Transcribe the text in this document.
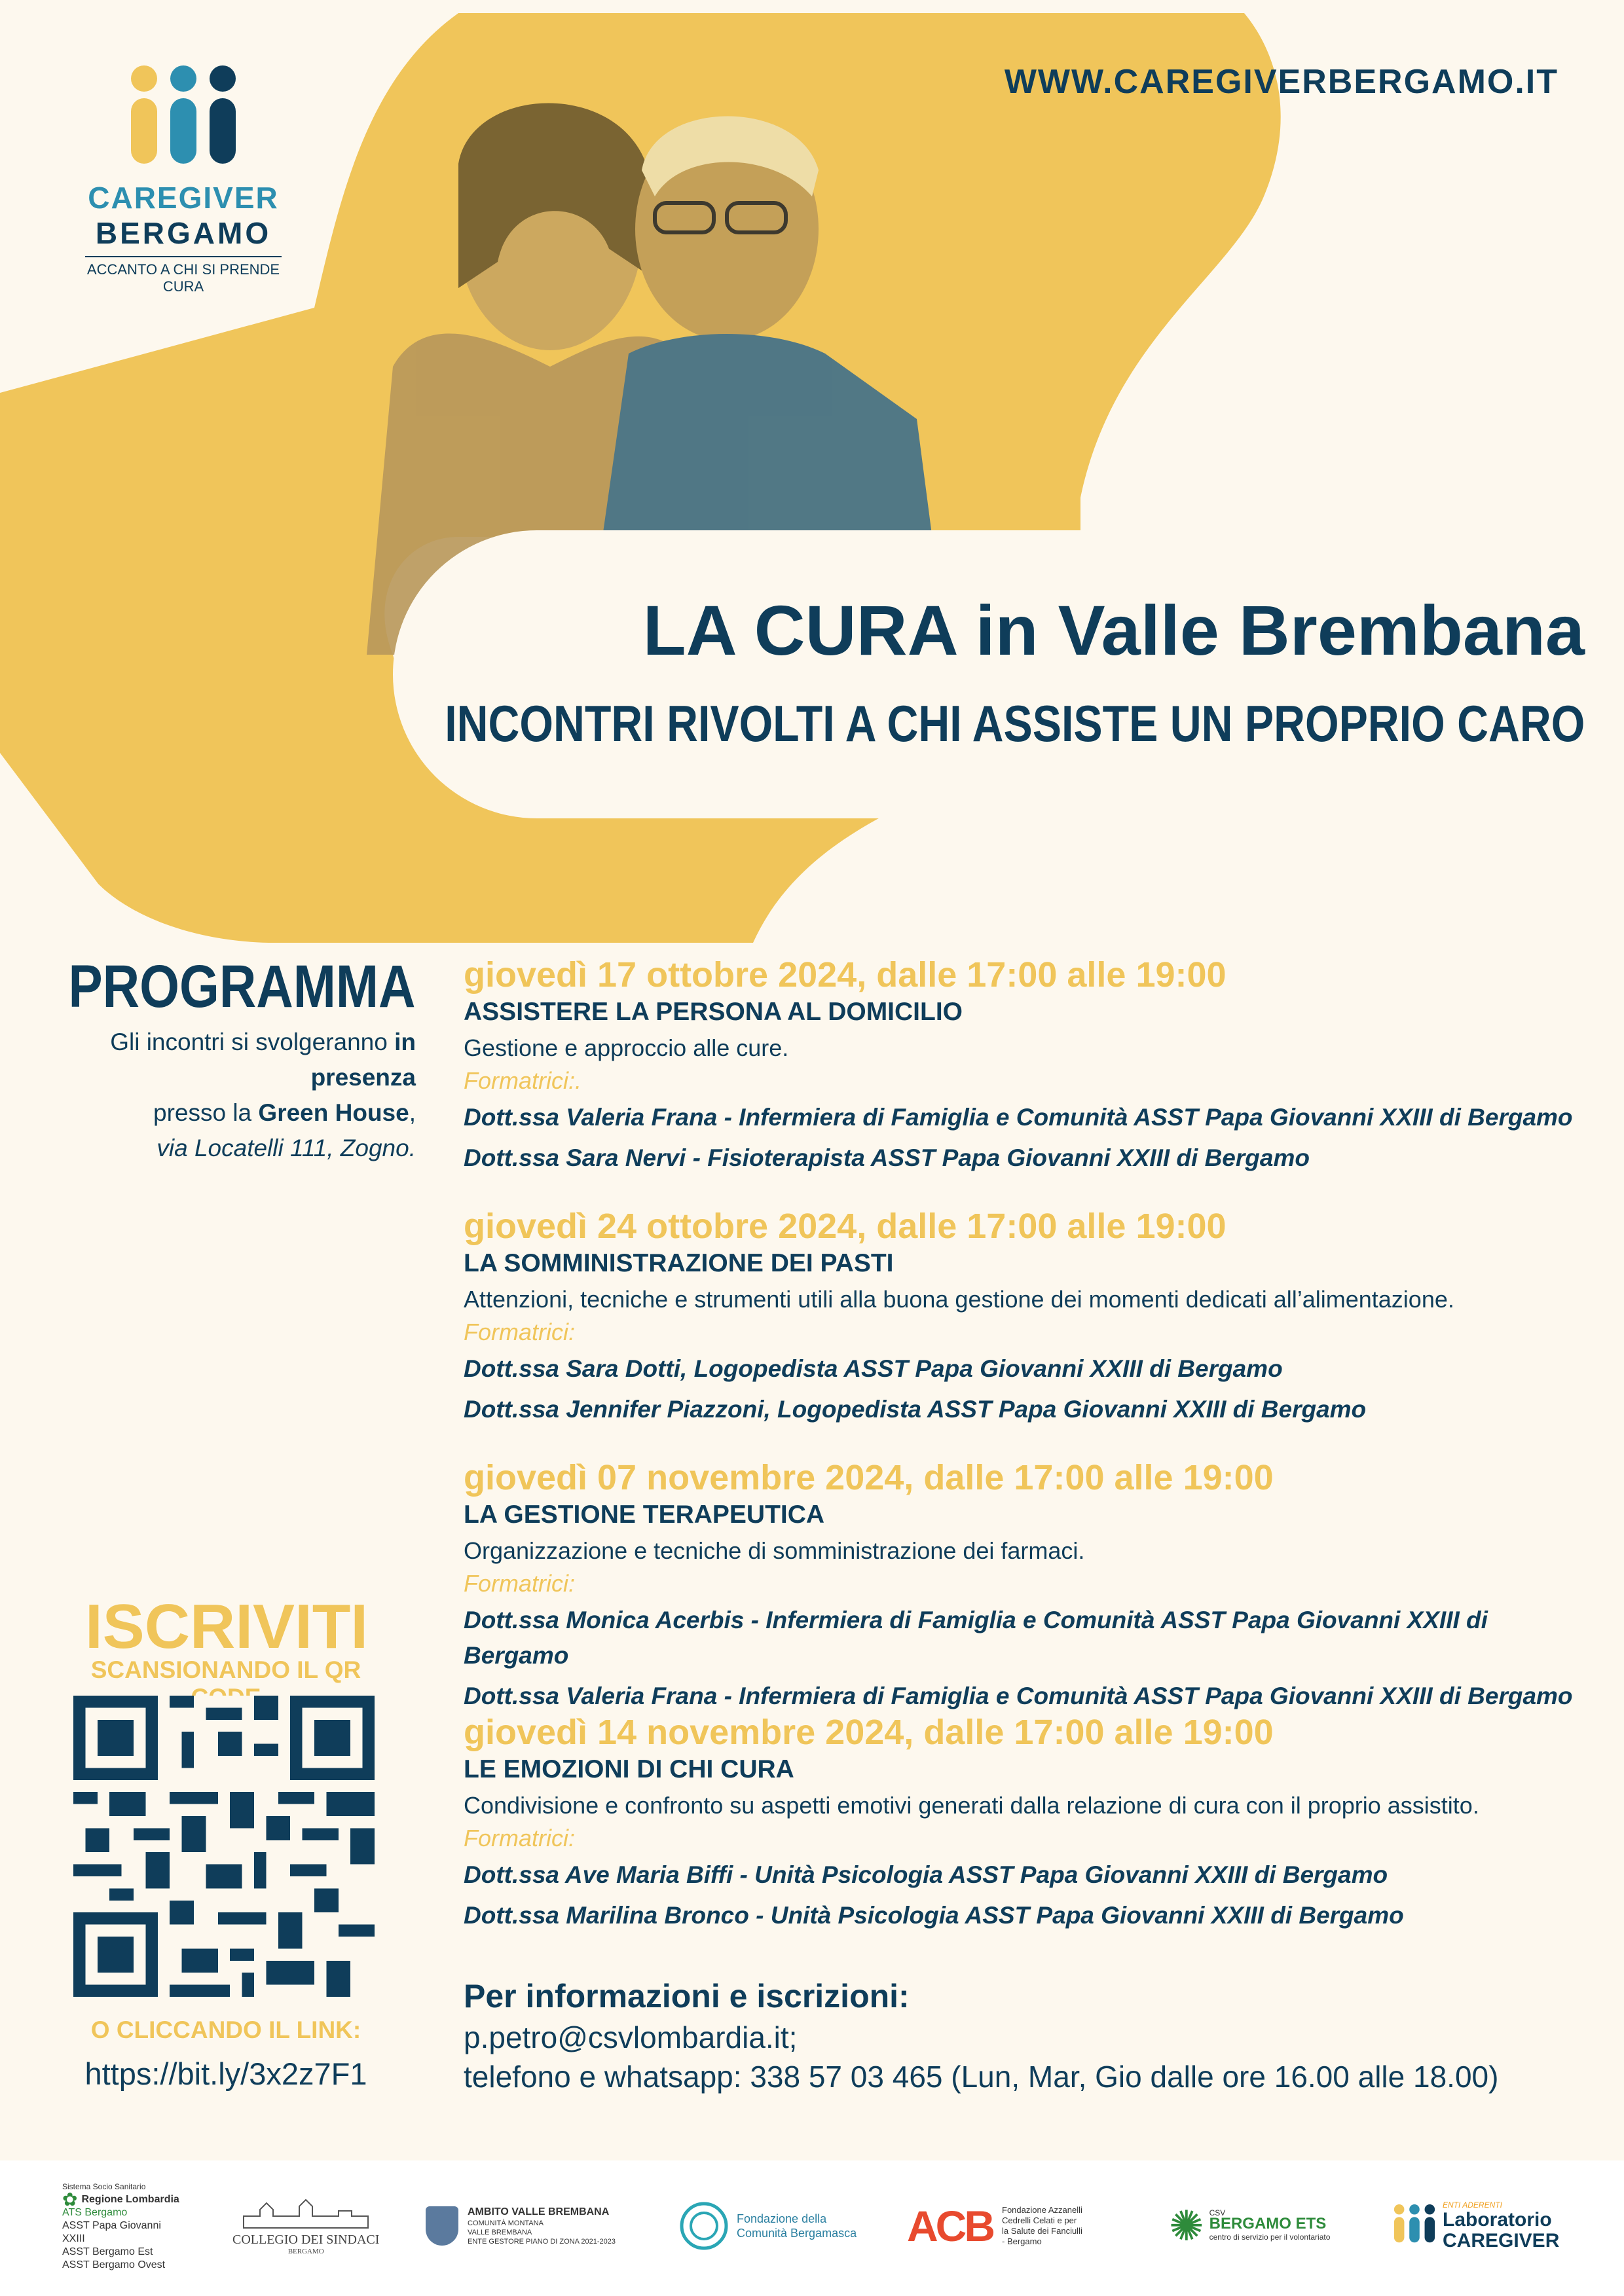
CAREGIVER
BERGAMO
ACCANTO A CHI SI PRENDE CURA
WWW.CAREGIVERBERGAMO.IT
LA CURA in Valle Brembana
INCONTRI RIVOLTI A CHI ASSISTE UN PROPRIO CARO
PROGRAMMA
Gli incontri si svolgeranno in presenza
presso la Green House,
via Locatelli 111, Zogno.
giovedì 17 ottobre 2024, dalle 17:00 alle 19:00
ASSISTERE LA PERSONA AL DOMICILIO
Gestione e approccio alle cure.
Formatrici:.
Dott.ssa Valeria Frana - Infermiera di Famiglia e Comunità ASST Papa Giovanni XXIII di Bergamo
Dott.ssa Sara Nervi - Fisioterapista ASST Papa Giovanni XXIII di Bergamo
giovedì 24 ottobre 2024, dalle 17:00 alle 19:00
LA SOMMINISTRAZIONE DEI PASTI
Attenzioni, tecniche e strumenti utili alla buona gestione dei momenti dedicati all’alimentazione.
Formatrici:
Dott.ssa Sara Dotti, Logopedista ASST Papa Giovanni XXIII di Bergamo
Dott.ssa Jennifer Piazzoni, Logopedista ASST Papa Giovanni XXIII di Bergamo
giovedì 07 novembre 2024, dalle 17:00 alle 19:00
LA GESTIONE TERAPEUTICA
Organizzazione e tecniche di somministrazione dei farmaci.
Formatrici:
Dott.ssa Monica Acerbis - Infermiera di Famiglia e Comunità ASST Papa Giovanni XXIII di Bergamo
Dott.ssa Valeria Frana - Infermiera di Famiglia e Comunità ASST Papa Giovanni XXIII di Bergamo
giovedì 14 novembre 2024, dalle 17:00 alle 19:00
LE EMOZIONI DI CHI CURA
Condivisione e confronto su aspetti emotivi generati dalla relazione di cura con il proprio assistito.
Formatrici:
Dott.ssa Ave Maria Biffi - Unità Psicologia ASST Papa Giovanni XXIII di Bergamo
Dott.ssa Marilina Bronco - Unità Psicologia ASST Papa Giovanni XXIII di Bergamo
ISCRIVITI
SCANSIONANDO IL QR
O CLICCANDO IL LINK:
https://bit.ly/3x2z7F1
Per informazioni e iscrizioni:
p.petro@csvlombardia.it;
telefono e whatsapp: 338 57 03 465 (Lun, Mar, Gio dalle ore 16.00 alle 18.00)
Sistema Socio Sanitario
✿ Regione Lombardia
ATS Bergamo
ASST Papa Giovanni XXIII
ASST Bergamo Est
ASST Bergamo Ovest
COLLEGIO DEI SINDACI
BERGAMO
AMBITO VALLE BREMBANA
COMUNITÀ MONTANA
VALLE BREMBANA
ENTE GESTORE PIANO DI ZONA 2021-2023
Fondazione della
Comunità Bergamasca ACB Fondazione Azzanelli
Cedrelli Celati e per
la Salute dei Fanciulli
- Bergamo	✺ CSV
BERGAMO ETS
centro di servizio per il volontariato
ENTI ADERENTI
Laboratorio
CAREGIVER
